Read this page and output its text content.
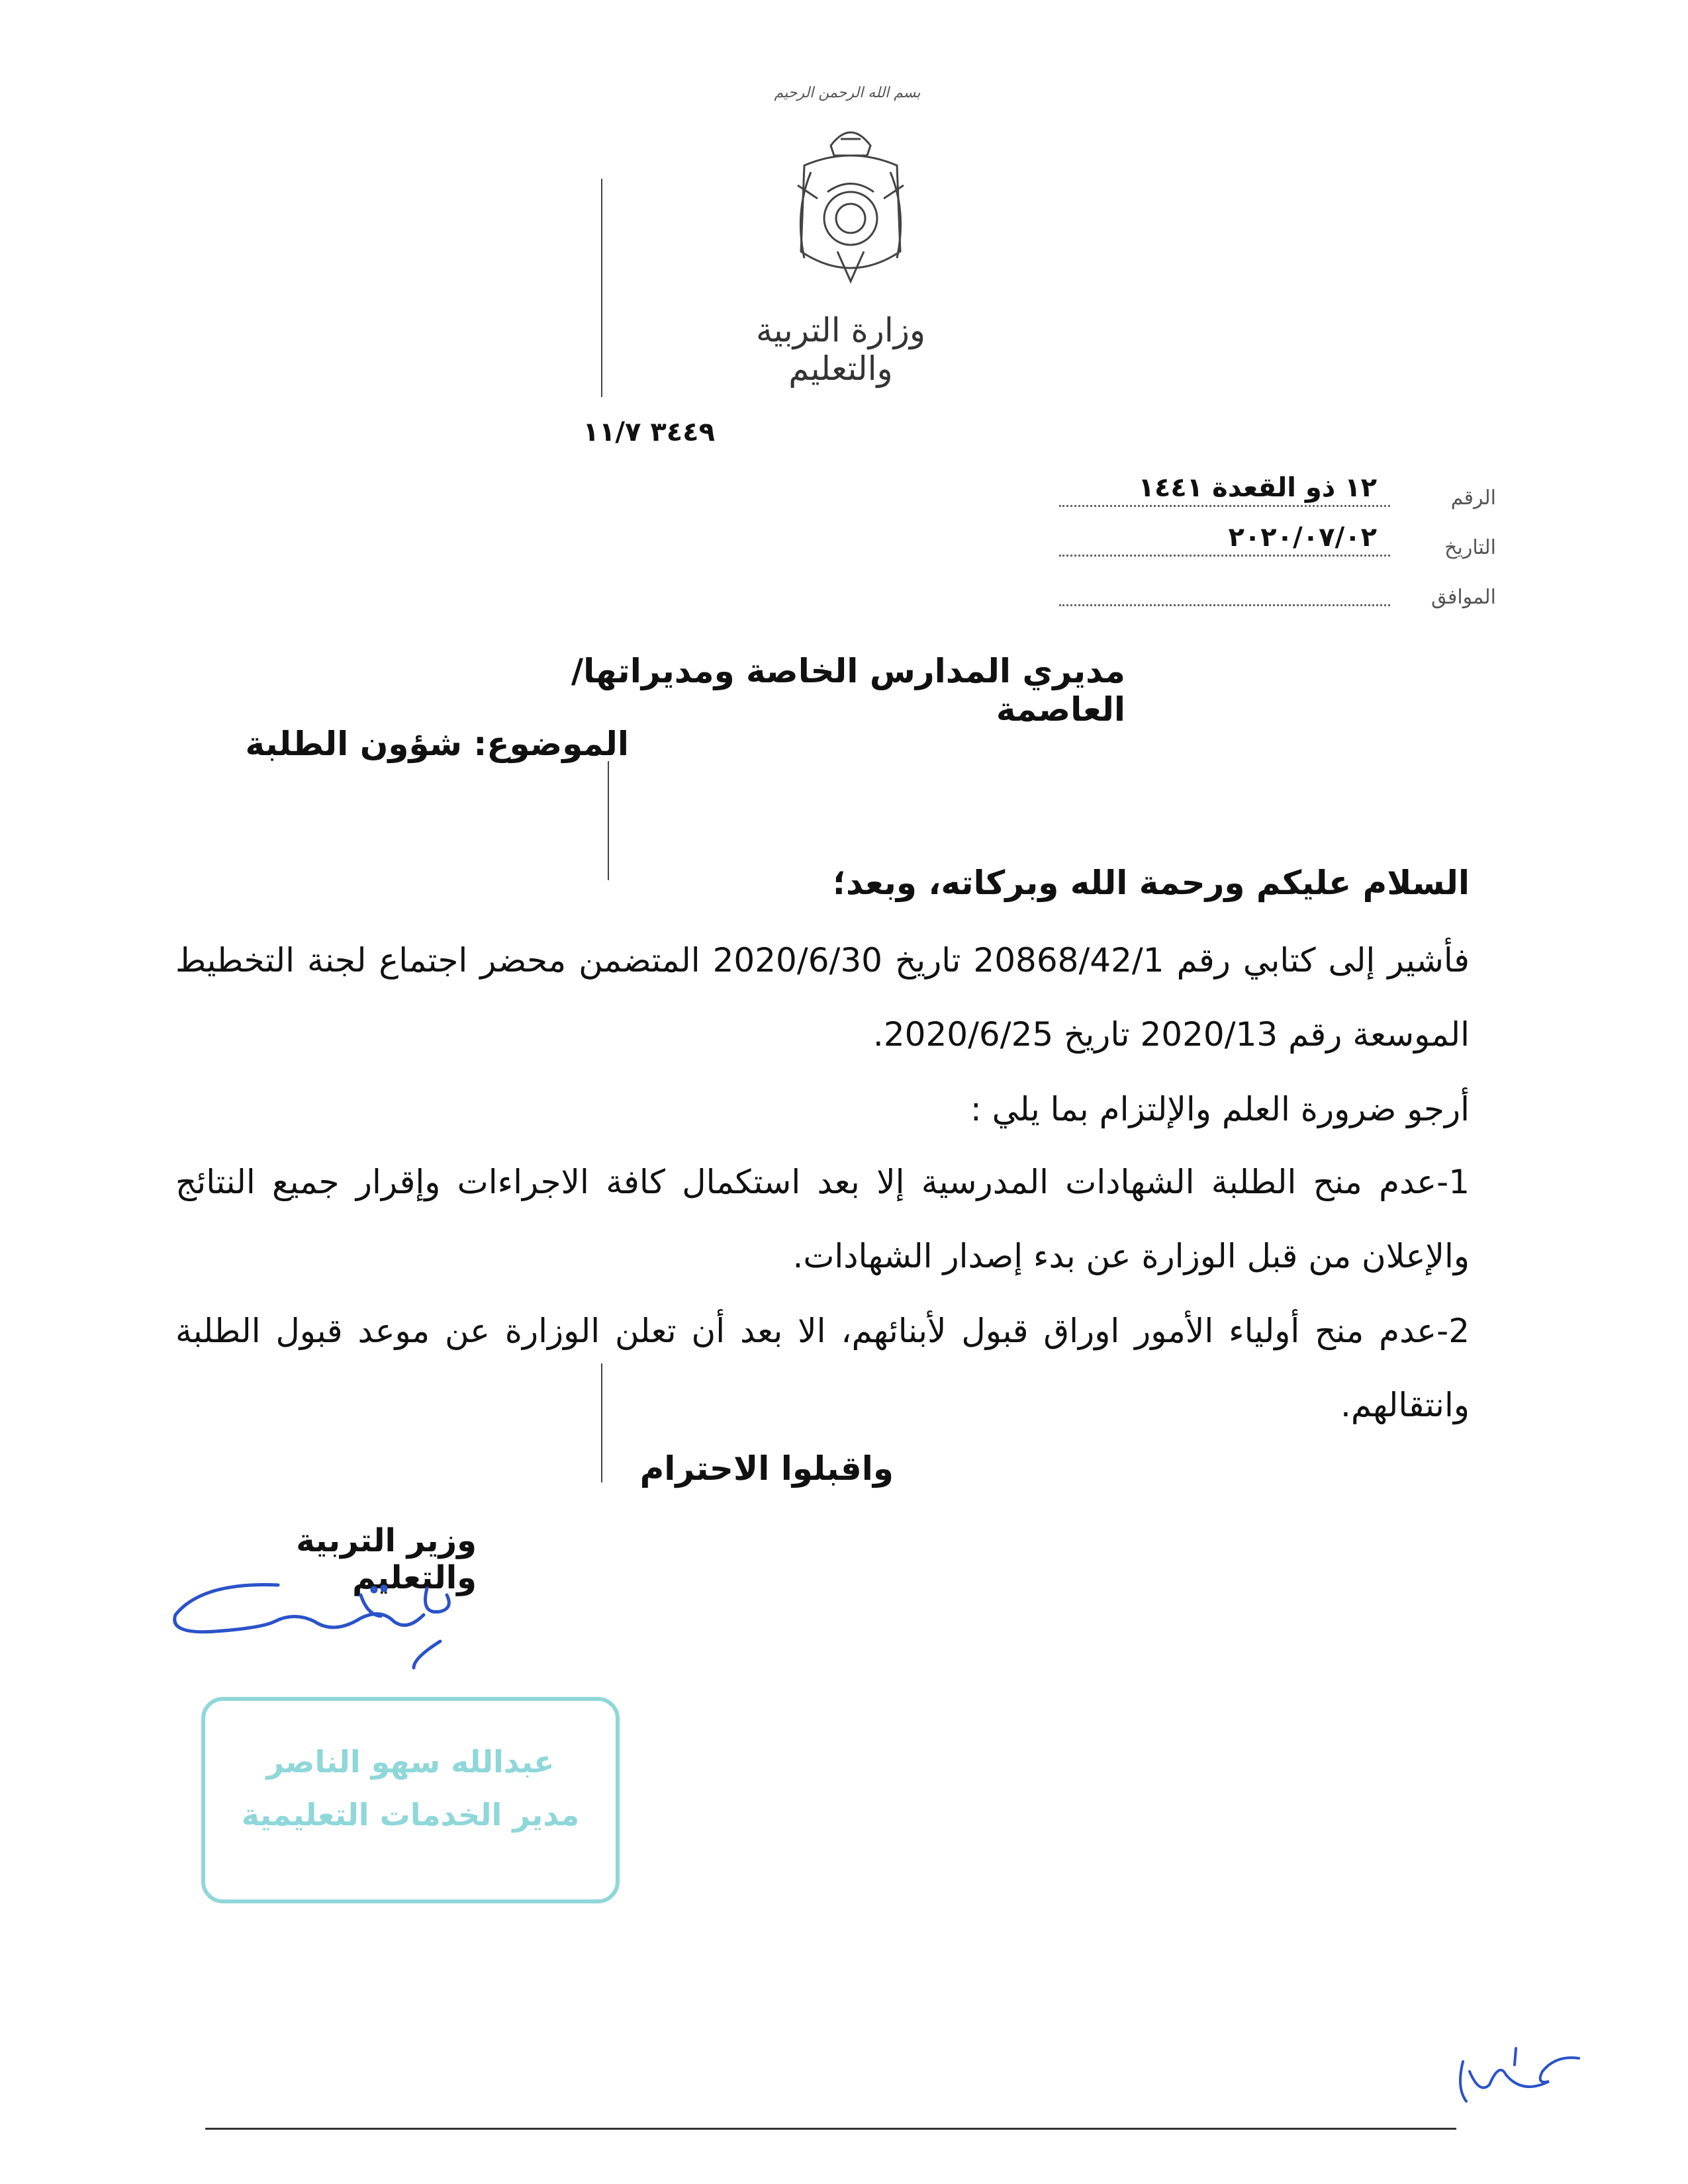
بسم الله الرحمن الرحيم
وزارة التربية والتعليم
٣٤٤٩ ١١/٧
الرقم
١٢ ذو القعدة ١٤٤١
التاريخ
٢٠٢٠/٠٧/٠٢
الموافق
مديري المدارس الخاصة ومديراتها/ العاصمة
الموضوع: شؤون الطلبة
السلام عليكم ورحمة الله وبركاته، وبعد؛
فأشير إلى كتابي رقم 20868/42/1 تاريخ 2020/6/30 المتضمن محضر اجتماع لجنة التخطيط الموسعة رقم 2020/13 تاريخ 2020/6/25.
أرجو ضرورة العلم والإلتزام بما يلي :
1-عدم منح الطلبة الشهادات المدرسية إلا بعد استكمال كافة الاجراءات وإقرار جميع النتائج والإعلان من قبل الوزارة عن بدء إصدار الشهادات.
2-عدم منح أولياء الأمور اوراق قبول لأبنائهم، الا بعد أن تعلن الوزارة عن موعد قبول الطلبة وانتقالهم.
واقبلوا الاحترام
وزير التربية والتعليم
عبدالله سهو الناصر
مدير الخدمات التعليمية
